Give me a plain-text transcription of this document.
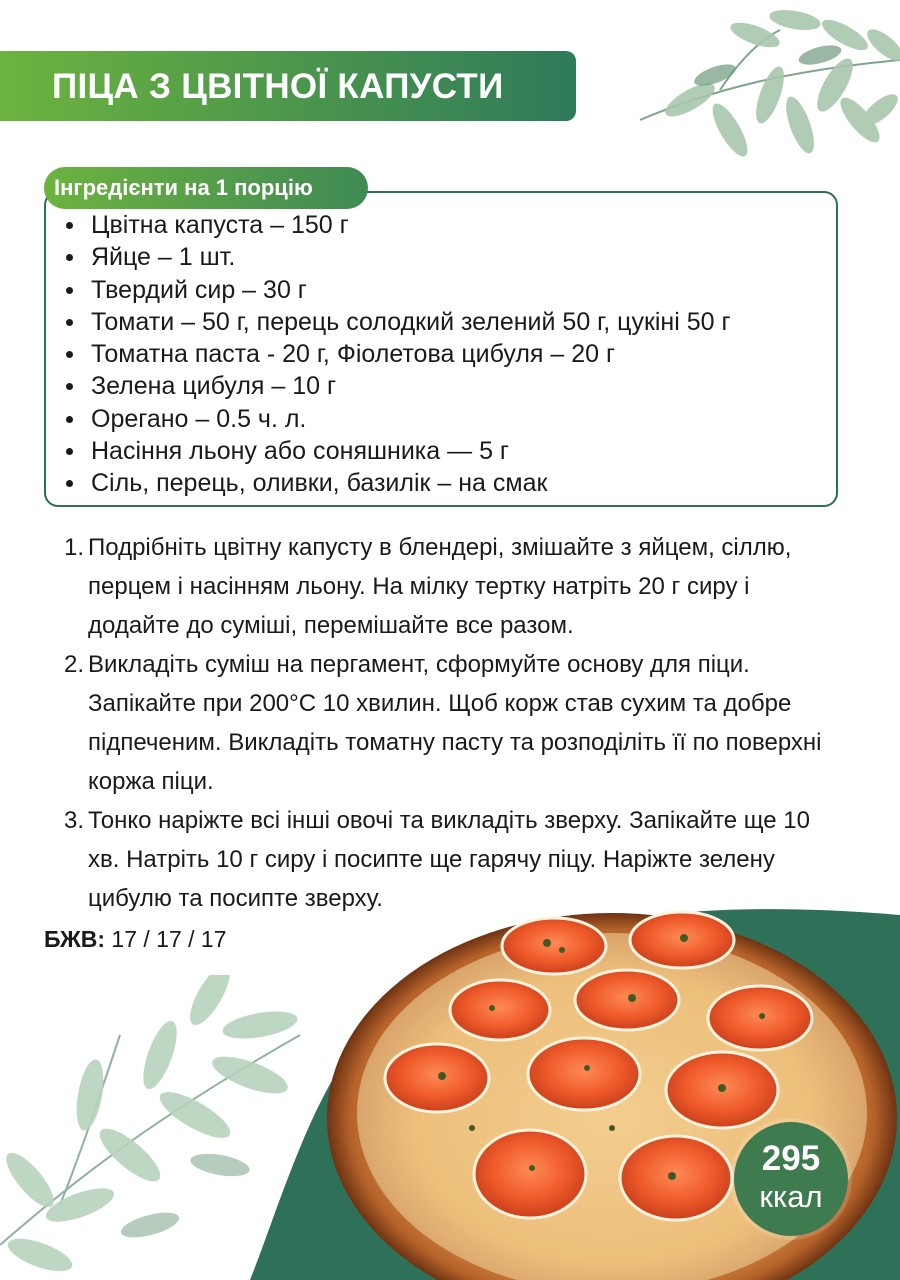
ПІЦА З ЦВІТНОЇ КАПУСТИ
Інгредієнти на 1 порцію
Цвітна капуста – 150 г
Яйце – 1 шт.
Твердий сир – 30 г
Томати – 50 г, перець солодкий зелений 50 г, цукіні 50 г
Томатна паста - 20 г, Фіолетова цибуля – 20 г
Зелена цибуля – 10 г
Орегано – 0.5 ч. л.
Насіння льону або соняшника — 5 г
Сіль, перець, оливки, базилік – на смак
1. Подрібніть цвітну капусту в блендері, змішайте з яйцем, сіллю, перцем і насінням льону. На мілку тертку натріть 20 г сиру і додайте до суміші, перемішайте все разом.
2. Викладіть суміш на пергамент, сформуйте основу для піци. Запікайте при 200°С 10 хвилин. Щоб корж став сухим та добре підпеченим. Викладіть томатну пасту та розподіліть її по поверхні коржа піци.
3. Тонко наріжте всі інші овочі та викладіть зверху. Запікайте ще 10 хв. Натріть 10 г сиру і посипте ще гарячу піцу. Наріжте зелену цибулю та посипте зверху.
БЖВ: 17 / 17 / 17
295
ккал
